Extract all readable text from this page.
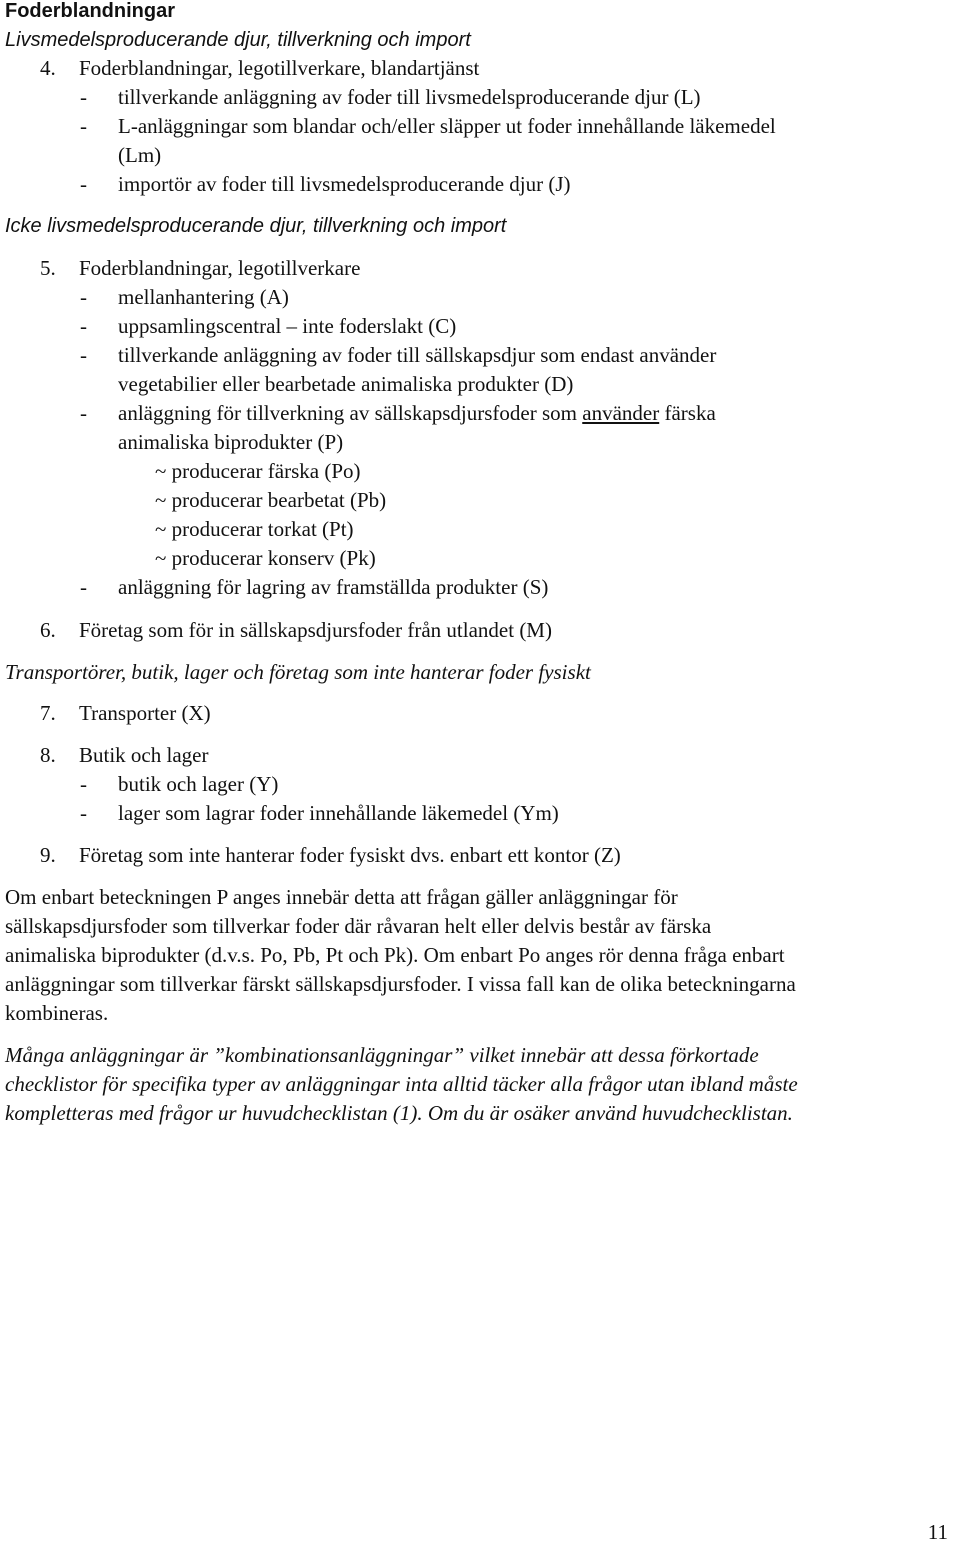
Foderblandningar
Livsmedelsproducerande djur, tillverkning och import
4. Foderblandningar, legotillverkare, blandartjänst
- tillverkande anläggning av foder till livsmedelsproducerande djur (L)
- L-anläggningar som blandar och/eller släpper ut foder innehållande läkemedel
(Lm)
- importör av foder till livsmedelsproducerande djur (J)
Icke livsmedelsproducerande djur, tillverkning och import
5. Foderblandningar, legotillverkare
- mellanhantering (A)
- uppsamlingscentral – inte foderslakt (C)
- tillverkande anläggning av foder till sällskapsdjur som endast använder
vegetabilier eller bearbetade animaliska produkter (D)
- anläggning för tillverkning av sällskapsdjursfoder som använder färska
animaliska biprodukter (P)
~ producerar färska (Po)
~ producerar bearbetat (Pb)
~ producerar torkat (Pt)
~ producerar konserv (Pk)
- anläggning för lagring av framställda produkter (S)
6. Företag som för in sällskapsdjursfoder från utlandet (M)
Transportörer, butik, lager och företag som inte hanterar foder fysiskt
7. Transporter (X)
8. Butik och lager
- butik och lager (Y)
- lager som lagrar foder innehållande läkemedel (Ym)
9. Företag som inte hanterar foder fysiskt dvs. enbart ett kontor (Z)
Om enbart beteckningen P anges innebär detta att frågan gäller anläggningar för
sällskapsdjursfoder som tillverkar foder där råvaran helt eller delvis består av färska
animaliska biprodukter (d.v.s. Po, Pb, Pt och Pk). Om enbart Po anges rör denna fråga enbart
anläggningar som tillverkar färskt sällskapsdjursfoder. I vissa fall kan de olika beteckningarna
kombineras.
Många anläggningar är ”kombinationsanläggningar” vilket innebär att dessa förkortade
checklistor för specifika typer av anläggningar inta alltid täcker alla frågor utan ibland måste
kompletteras med frågor ur huvudchecklistan (1). Om du är osäker använd huvudchecklistan.
11
